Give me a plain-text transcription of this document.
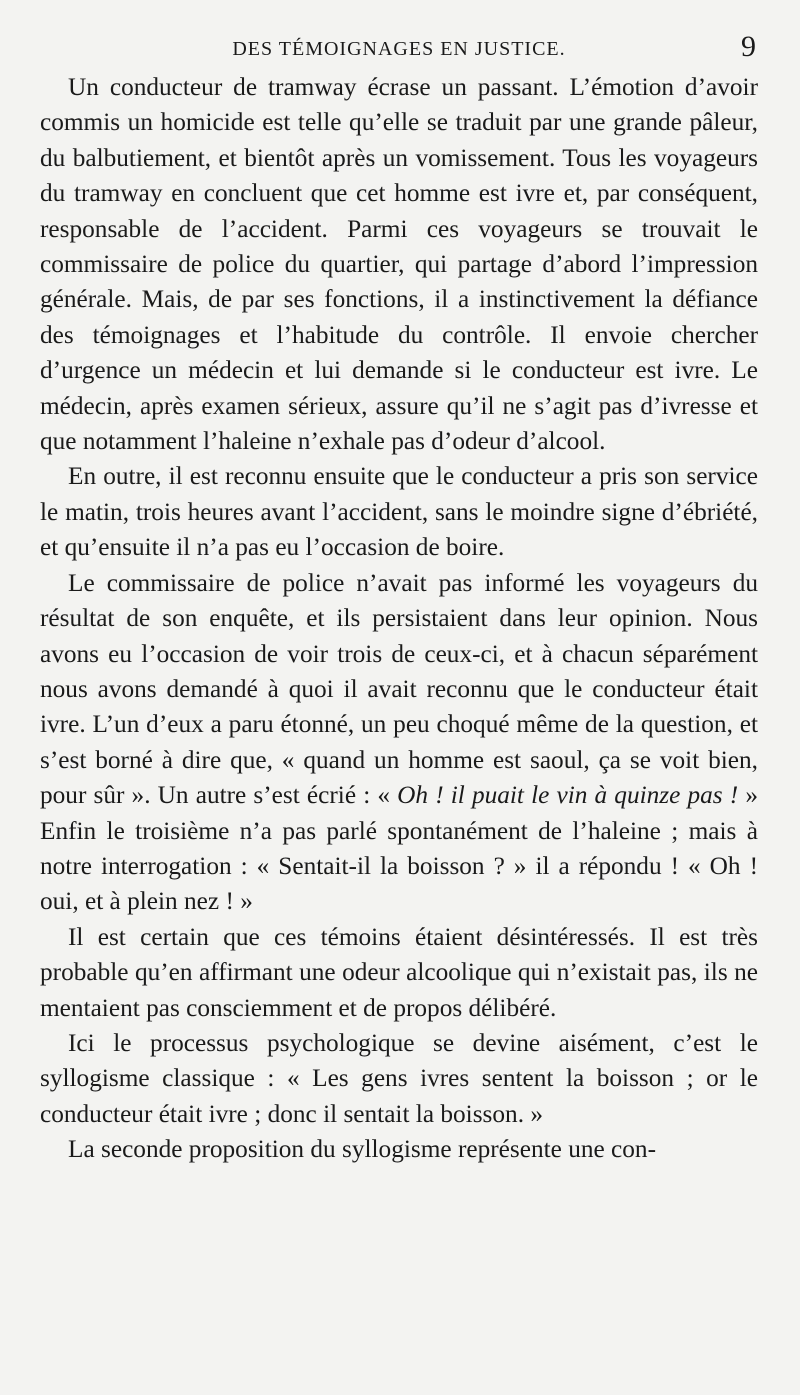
DES TÉMOIGNAGES EN JUSTICE.	9

Un conducteur de tramway écrase un passant. L’émotion d’avoir commis un homicide est telle qu’elle se traduit par une grande pâleur, du balbutiement, et bientôt après un vomissement. Tous les voyageurs du tramway en concluent que cet homme est ivre et, par conséquent, responsable de l’accident. Parmi ces voyageurs se trouvait le commissaire de police du quartier, qui partage d’abord l’impression générale. Mais, de par ses fonctions, il a instinctivement la défiance des témoignages et l’habitude du contrôle. Il envoie chercher d’urgence un médecin et lui demande si le conducteur est ivre. Le médecin, après examen sérieux, assure qu’il ne s’agit pas d’ivresse et que notamment l’haleine n’exhale pas d’odeur d’alcool.

En outre, il est reconnu ensuite que le conducteur a pris son service le matin, trois heures avant l’accident, sans le moindre signe d’ébriété, et qu’ensuite il n’a pas eu l’occasion de boire.

Le commissaire de police n’avait pas informé les voyageurs du résultat de son enquête, et ils persistaient dans leur opinion. Nous avons eu l’occasion de voir trois de ceux-ci, et à chacun séparément nous avons demandé à quoi il avait reconnu que le conducteur était ivre. L’un d’eux a paru étonné, un peu choqué même de la question, et s’est borné à dire que, « quand un homme est saoul, ça se voit bien, pour sûr ». Un autre s’est écrié : « Oh ! il puait le vin à quinze pas ! » Enfin le troisième n’a pas parlé spontanément de l’haleine ; mais à notre interrogation : « Sentait-il la boisson ? » il a répondu ! « Oh ! oui, et à plein nez ! »

Il est certain que ces témoins étaient désintéressés. Il est très probable qu’en affirmant une odeur alcoolique qui n’existait pas, ils ne mentaient pas consciemment et de propos délibéré.

Ici le processus psychologique se devine aisément, c’est le syllogisme classique : « Les gens ivres sentent la boisson ; or le conducteur était ivre ; donc il sentait la boisson. »

La seconde proposition du syllogisme représente une con-
